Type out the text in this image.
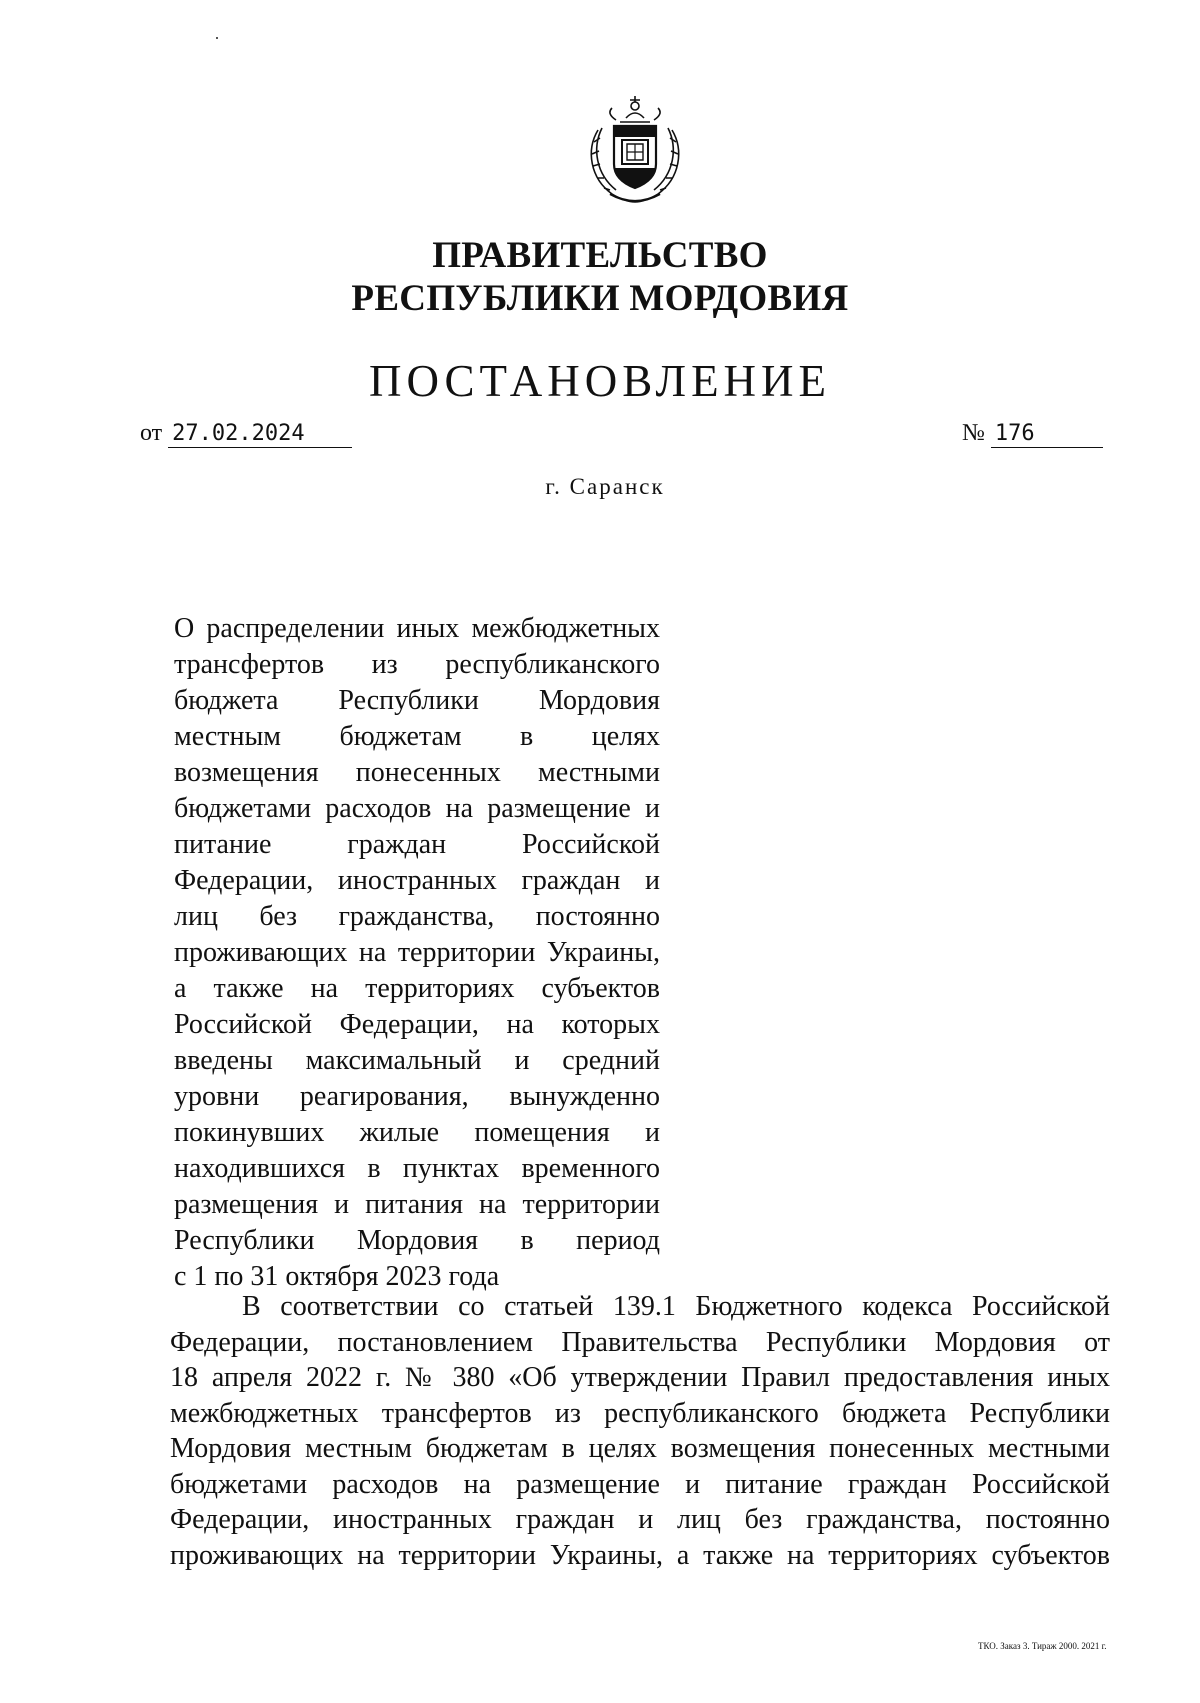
ПРАВИТЕЛЬСТВО
РЕСПУБЛИКИ МОРДОВИЯ
ПОСТАНОВЛЕНИЕ
от 27.02.2024	№ 176
г. Саранск
О распределении иных межбюджетных
трансфертов из республиканского
бюджета Республики Мордовия
местным бюджетам в целях
возмещения понесенных местными
бюджетами расходов на размещение и
питание граждан Российской
Федерации, иностранных граждан и
лиц без гражданства, постоянно
проживающих на территории Украины,
а также на территориях субъектов
Российской Федерации, на которых
введены максимальный и средний
уровни реагирования, вынужденно
покинувших жилые помещения и
находившихся в пунктах временного
размещения и питания на территории
Республики Мордовия в период
с 1 по 31 октября 2023 года
В соответствии со статьей 139.1 Бюджетного кодекса Российской
Федерации, постановлением Правительства Республики Мордовия от
18 апреля 2022 г. № 380 «Об утверждении Правил предоставления иных
межбюджетных трансфертов из республиканского бюджета Республики
Мордовия местным бюджетам в целях возмещения понесенных местными
бюджетами расходов на размещение и питание граждан Российской
Федерации, иностранных граждан и лиц без гражданства, постоянно
проживающих на территории Украины, а также на территориях субъектов
ТКО. Заказ 3. Тираж 2000. 2021 г.
